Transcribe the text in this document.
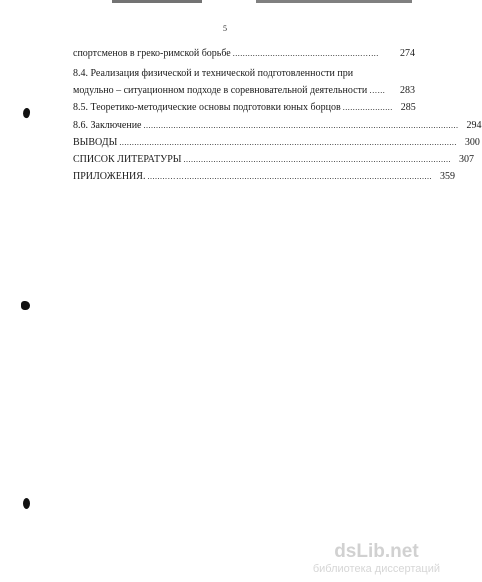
5
спортсменов в греко-римской борьбе ....................................................…...	274
8.4. Реализация физической и технической подготовленности при
модульно – ситуационном подходе в соревновательной деятельности …...	283
8.5. Теоретико-методические основы подготовки юных борцов .................... 285
8.6. Заключение .............................................................................................................................. 294
ВЫВОДЫ ....................................................................................................................................... 300
СПИСОК ЛИТЕРАТУРЫ ........................................................................................................... 307
ПРИЛОЖЕНИЯ. ........……................................................................................................... 359
dsLib.net
библиотека диссертаций
